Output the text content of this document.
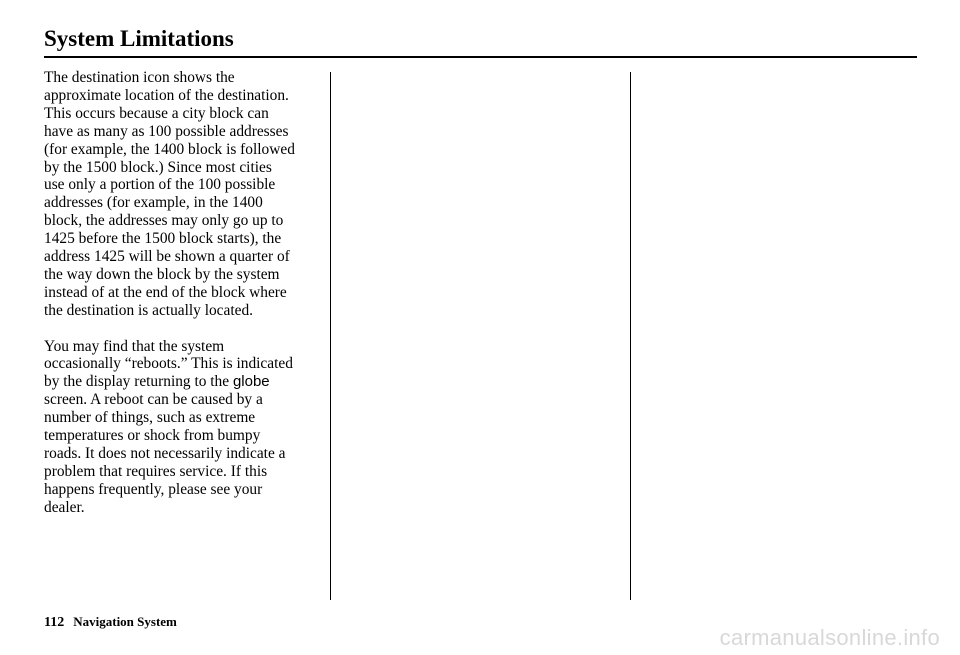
System Limitations

The destination icon shows the
approximate location of the destination.
This occurs because a city block can
have as many as 100 possible addresses
(for example, the 1400 block is followed
by the 1500 block.) Since most cities
use only a portion of the 100 possible
addresses (for example, in the 1400
block, the addresses may only go up to
1425 before the 1500 block starts), the
address 1425 will be shown a quarter of
the way down the block by the system
instead of at the end of the block where
the destination is actually located.

You may find that the system
occasionally “reboots.” This is indicated
by the display returning to the globe
screen. A reboot can be caused by a
number of things, such as extreme
temperatures or shock from bumpy
roads. It does not necessarily indicate a
problem that requires service. If this
happens frequently, please see your
dealer.

112 Navigation System
carmanualsonline.info
